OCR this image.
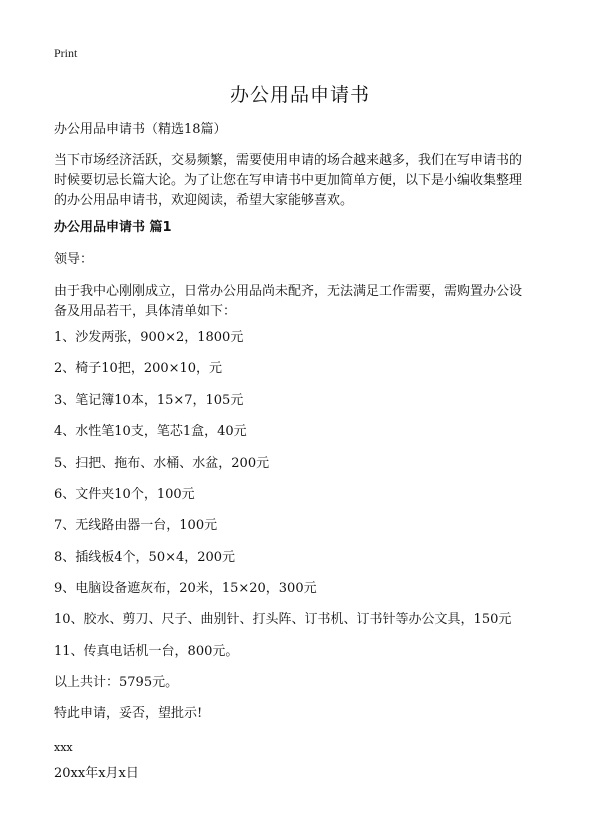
Print
办公用品申请书

办公用品申请书（精选18篇）

当下市场经济活跃，交易频繁，需要使用申请的场合越来越多，我们在写申请书的

时候要切忌长篇大论。为了让您在写申请书中更加简单方便，以下是小编收集整理

的办公用品申请书，欢迎阅读，希望大家能够喜欢。

办公用品申请书 篇1

领导：

由于我中心刚刚成立，日常办公用品尚未配齐，无法满足工作需要，需购置办公设

备及用品若干，具体清单如下：

1、沙发两张，900×2，1800元

2、椅子10把，200×10，元

3、笔记簿10本，15×7，105元

4、水性笔10支，笔芯1盒，40元

5、扫把、拖布、水桶、水盆，200元

6、文件夹10个，100元

7、无线路由器一台，100元

8、插线板4个，50×4，200元

9、电脑设备遮灰布，20米，15×20，300元

10、胶水、剪刀、尺子、曲别针、打头阵、订书机、订书针等办公文具，150元

11、传真电话机一台，800元。

以上共计：5795元。

特此申请，妥否，望批示!

xxx

20xx年x月x日
